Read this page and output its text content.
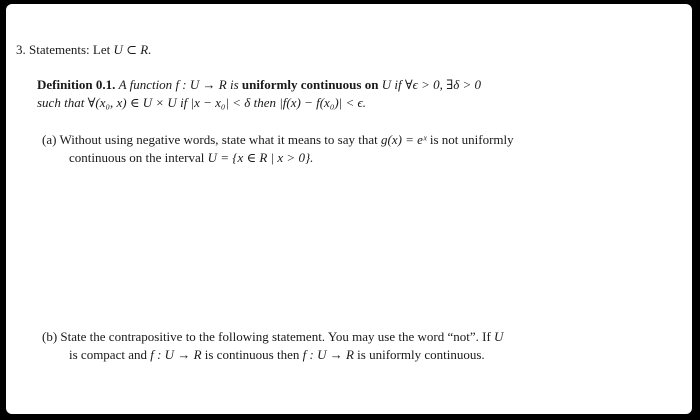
3. Statements: Let U ⊂ R.
Definition 0.1. A function f : U → R is uniformly continuous on U if ∀ϵ > 0, ∃δ > 0
such that ∀(x₀, x) ∈ U × U if |x − x₀| < δ then |f(x) − f(x₀)| < ϵ.
(a) Without using negative words, state what it means to say that g(x) = eˣ is not uniformly
continuous on the interval U = {x ∈ R | x > 0}.
(b) State the contrapositive to the following statement. You may use the word “not”. If U
is compact and f : U → R is continuous then f : U → R is uniformly continuous.
